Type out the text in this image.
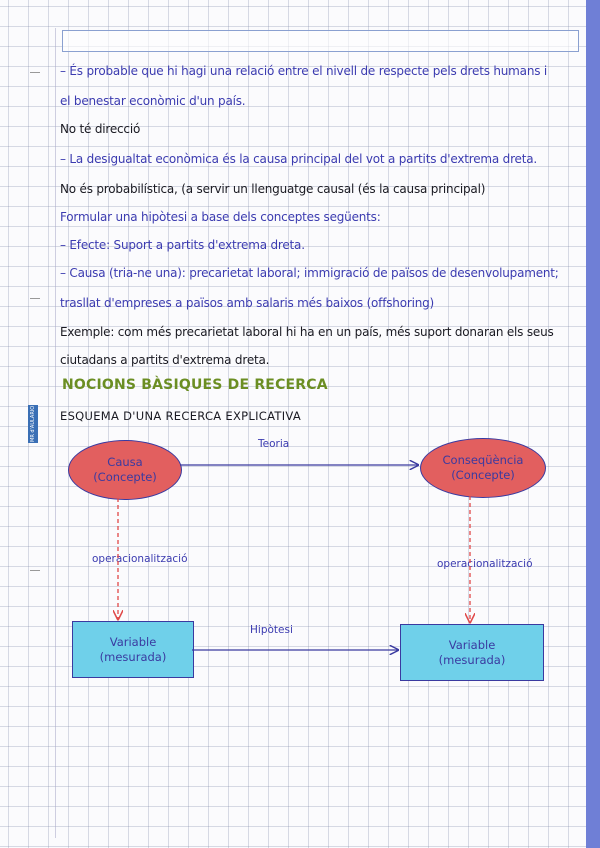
MR d'AULARIO
– És probable que hi hagi una relació entre el nivell de respecte pels drets humans i
el benestar econòmic d'un país.
No té direcció
– La desigualtat econòmica és la causa principal del vot a partits d'extrema dreta.
No és probabilística, (a servir un llenguatge causal (és la causa principal)
Formular una hipòtesi a base dels conceptes següents:
– Efecte: Suport a partits d'extrema dreta.
– Causa (tria-ne una): precarietat laboral; immigració de països de desenvolupament;
trasllat d'empreses a països amb salaris més baixos (offshoring)
Exemple: com més precarietat laboral hi ha en un país, més suport donaran els seus
ciutadans a partits d'extrema dreta.
NOCIONS BÀSIQUES DE RECERCA
ESQUEMA D'UNA RECERCA EXPLICATIVA
Causa
(Concepte)
Conseqüència
(Concepte)
Variable
(mesurada)
Variable
(mesurada)
Teoria
Hipòtesi
operacionalització	operacionalització
